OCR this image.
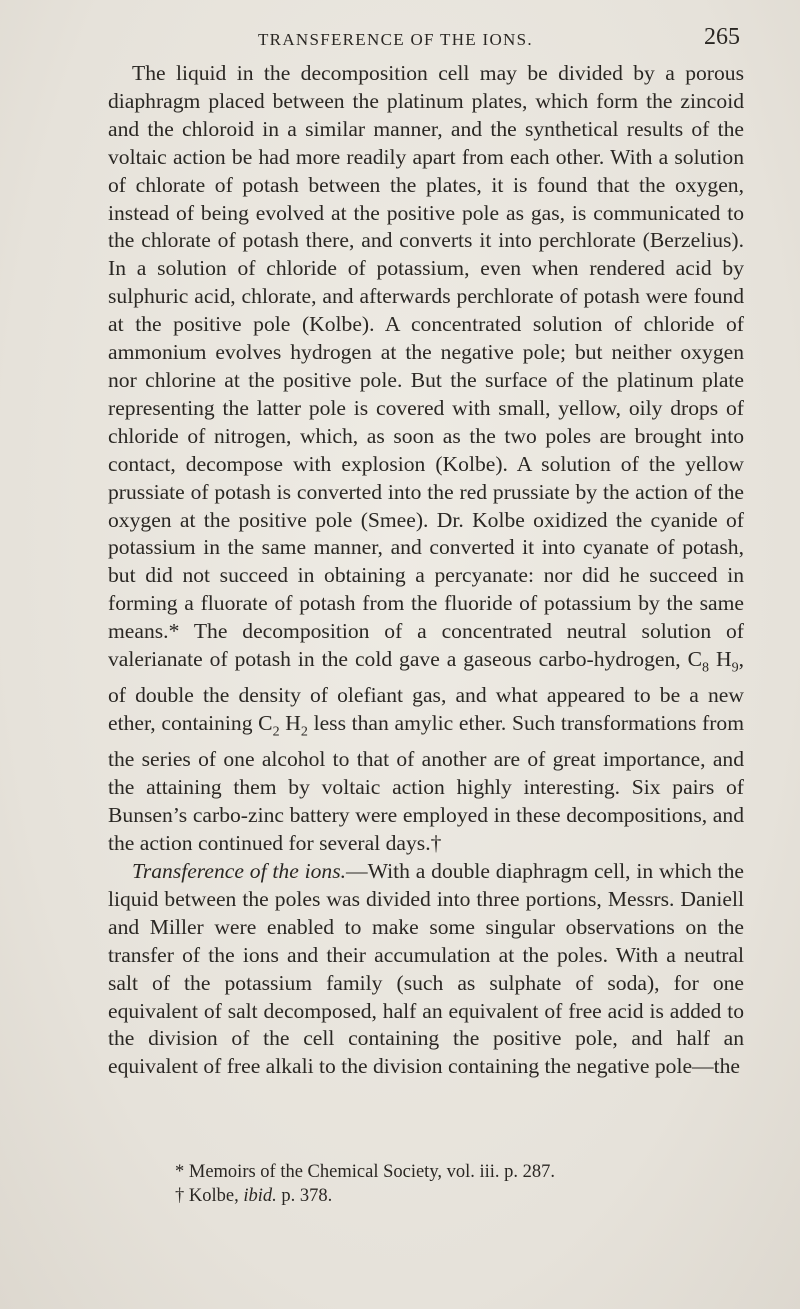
TRANSFERENCE OF THE IONS.	265

The liquid in the decomposition cell may be divided by a porous diaphragm placed between the platinum plates, which form the zincoid and the chloroid in a similar manner, and the synthetical results of the voltaic action be had more readily apart from each other. With a solution of chlorate of potash between the plates, it is found that the oxygen, instead of being evolved at the positive pole as gas, is communicated to the chlorate of potash there, and converts it into perchlorate (Berzelius). In a solution of chloride of potassium, even when rendered acid by sulphuric acid, chlorate, and afterwards perchlorate of potash were found at the positive pole (Kolbe). A concentrated solution of chloride of ammonium evolves hydrogen at the negative pole; but neither oxygen nor chlorine at the positive pole. But the surface of the platinum plate representing the latter pole is covered with small, yellow, oily drops of chloride of nitrogen, which, as soon as the two poles are brought into contact, decompose with explosion (Kolbe). A solution of the yellow prussiate of potash is converted into the red prussiate by the action of the oxygen at the positive pole (Smee). Dr. Kolbe oxidized the cyanide of potassium in the same manner, and converted it into cyanate of potash, but did not succeed in obtaining a percyanate: nor did he succeed in forming a fluorate of potash from the fluoride of potassium by the same means.* The decomposition of a concentrated neutral solution of valerianate of potash in the cold gave a gaseous carbo-hydrogen, $C_8$ $H_9$, of double the density of olefiant gas, and what appeared to be a new ether, containing $C_2$ $H_2$ less than amylic ether. Such transformations from the series of one alcohol to that of another are of great importance, and the attaining them by voltaic action highly interesting. Six pairs of Bunsen’s carbo-zinc battery were employed in these decompositions, and the action continued for several days.†

Transference of the ions.—With a double diaphragm cell, in which the liquid between the poles was divided into three portions, Messrs. Daniell and Miller were enabled to make some singular observations on the transfer of the ions and their accumulation at the poles. With a neutral salt of the potassium family (such as sulphate of soda), for one equivalent of salt decomposed, half an equivalent of free acid is added to the division of the cell containing the positive pole, and half an equivalent of free alkali to the division containing the negative pole—the

* Memoirs of the Chemical Society, vol. iii. p. 287.
† Kolbe, ibid. p. 378.
